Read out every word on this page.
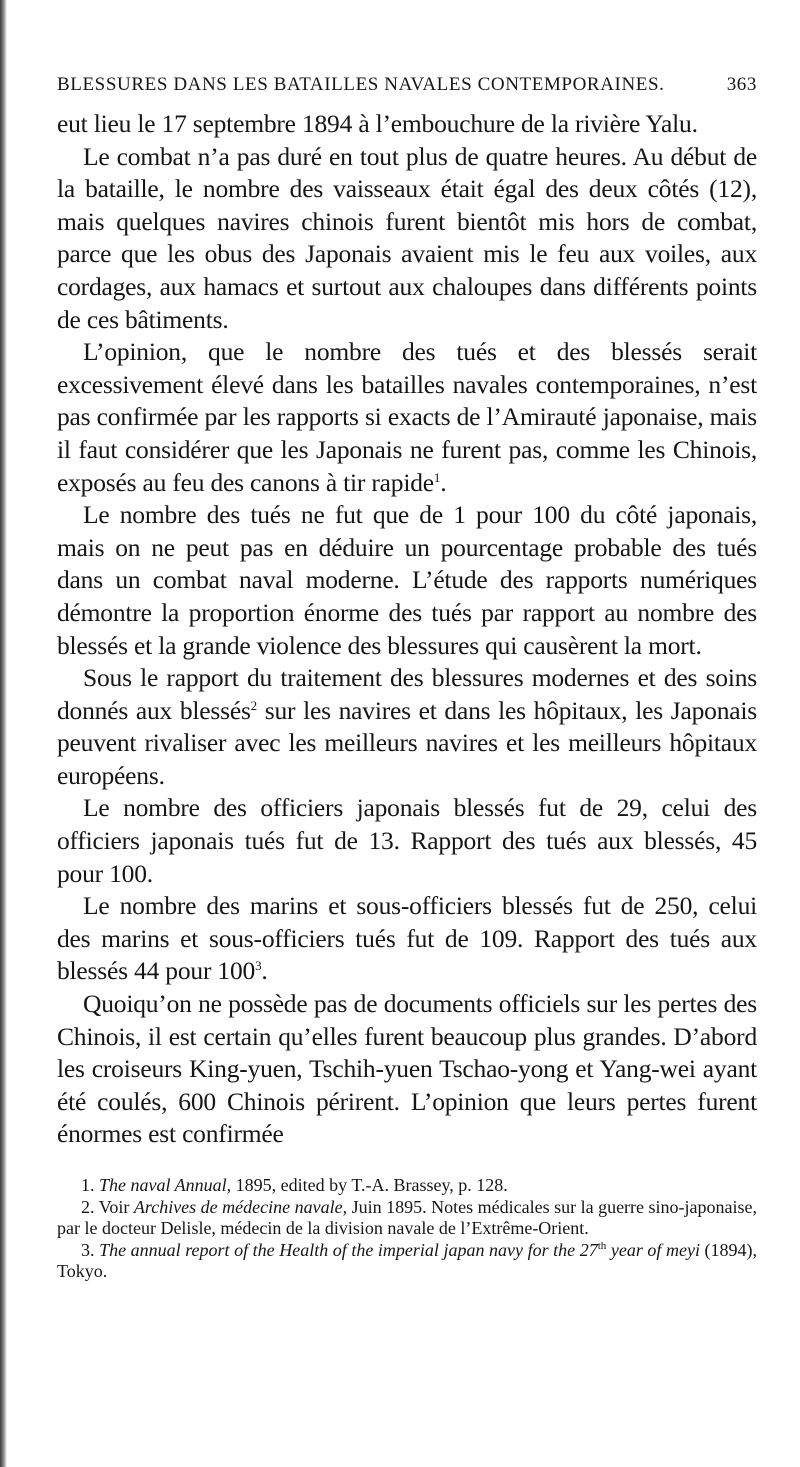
BLESSURES DANS LES BATAILLES NAVALES CONTEMPORAINES.	363

eut lieu le 17 septembre 1894 à l’embouchure de la rivière Yalu.

Le combat n’a pas duré en tout plus de quatre heures. Au début de la bataille, le nombre des vaisseaux était égal des deux côtés (12), mais quelques navires chinois furent bientôt mis hors de combat, parce que les obus des Japonais avaient mis le feu aux voiles, aux cordages, aux hamacs et surtout aux chaloupes dans différents points de ces bâtiments.

L’opinion, que le nombre des tués et des blessés serait excessivement élevé dans les batailles navales contemporaines, n’est pas confirmée par les rapports si exacts de l’Amirauté japonaise, mais il faut considérer que les Japonais ne furent pas, comme les Chinois, exposés au feu des canons à tir rapide$^1$.

Le nombre des tués ne fut que de 1 pour 100 du côté japonais, mais on ne peut pas en déduire un pourcentage probable des tués dans un combat naval moderne. L’étude des rapports numériques démontre la proportion énorme des tués par rapport au nombre des blessés et la grande violence des blessures qui causèrent la mort.

Sous le rapport du traitement des blessures modernes et des soins donnés aux blessés$^2$ sur les navires et dans les hôpitaux, les Japonais peuvent rivaliser avec les meilleurs navires et les meilleurs hôpitaux européens.

Le nombre des officiers japonais blessés fut de 29, celui des officiers japonais tués fut de 13. Rapport des tués aux blessés, 45 pour 100.

Le nombre des marins et sous-officiers blessés fut de 250, celui des marins et sous-officiers tués fut de 109. Rapport des tués aux blessés 44 pour 100$^3$.

Quoiqu’on ne possède pas de documents officiels sur les pertes des Chinois, il est certain qu’elles furent beaucoup plus grandes. D’abord les croiseurs King-yuen, Tschih-yuen Tschao-yong et Yang-wei ayant été coulés, 600 Chinois périrent. L’opinion que leurs pertes furent énormes est confirmée

1. The naval Annual, 1895, edited by T.-A. Brassey, p. 128.

2. Voir Archives de médecine navale, Juin 1895. Notes médicales sur la guerre sino-japonaise, par le docteur Delisle, médecin de la division navale de l’Extrême-Orient.

3. The annual report of the Health of the imperial japan navy for the 27th year of meyi (1894), Tokyo.
